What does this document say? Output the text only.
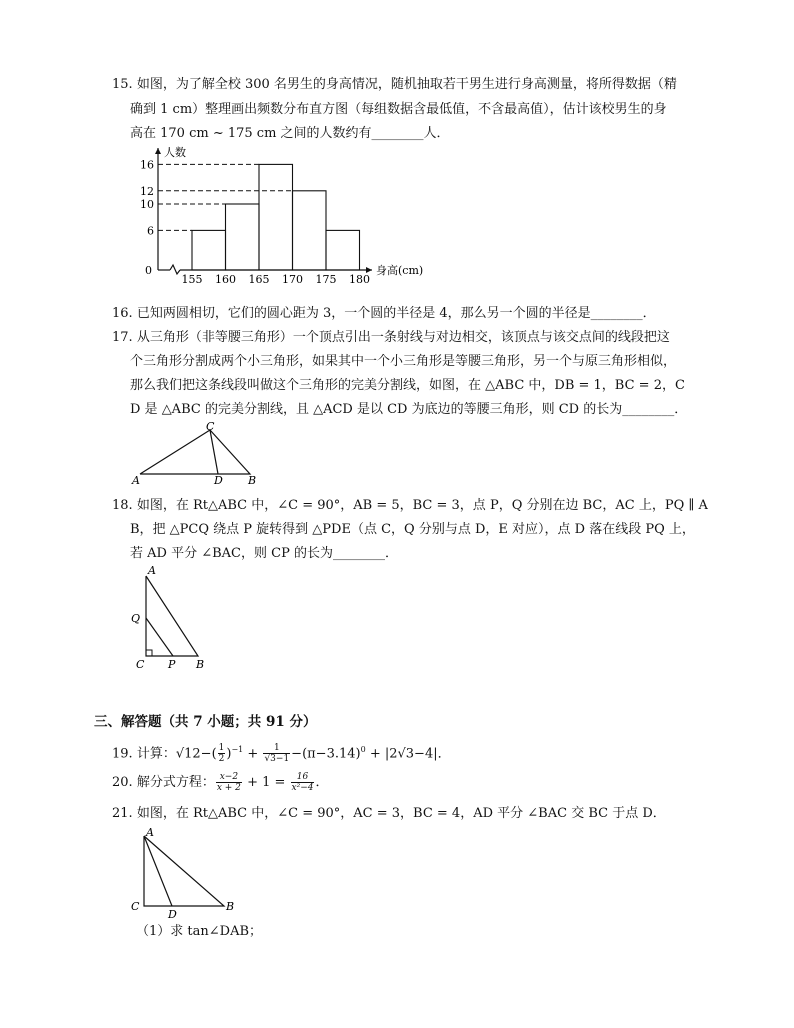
15. 如图，为了解全校 300 名男生的身高情况，随机抽取若干男生进行身高测量，将所得数据（精
确到 1 cm）整理画出频数分布直方图（每组数据含最低值，不含最高值），估计该校男生的身
高在 170 cm ~ 175 cm 之间的人数约有________人．
6
10
12
16
155 160 165 170 175 180
0
人数
身高(cm)
16. 已知两圆相切，它们的圆心距为 3，一个圆的半径是 4，那么另一个圆的半径是________．
17. 从三角形（非等腰三角形）一个顶点引出一条射线与对边相交，该顶点与该交点间的线段把这
个三角形分割成两个小三角形，如果其中一个小三角形是等腰三角形，另一个与原三角形相似，
那么我们把这条线段叫做这个三角形的完美分割线，如图，在 △ABC 中，DB = 1，BC = 2，C
D 是 △ABC 的完美分割线，且 △ACD 是以 CD 为底边的等腰三角形，则 CD 的长为________．
C
A	D B
18. 如图，在 Rt△ABC 中，∠C = 90°，AB = 5，BC = 3，点 P，Q 分别在边 BC，AC 上，PQ ∥ A
B，把 △PCQ 绕点 P 旋转得到 △PDE（点 C，Q 分别与点 D，E 对应），点 D 落在线段 PQ 上，
若 AD 平分 ∠BAC，则 CP 的长为________．
A
Q
C P B
三、解答题（共 7 小题；共 91 分）
19. 计算：$√12-( \frac{1}{2} )^{-1} + \frac{1}{√3-1} -(\pi-3.14)^0 + |2√3-4|$．
20. 解分式方程： $\frac{x-2}{x + 2} + 1 = \frac{16}{\text{x²−4}}$ ．
21. 如图，在 Rt△ABC 中，∠C = 90°，AC = 3，BC = 4，AD 平分 ∠BAC 交 BC 于点 D．
A
C
D
B
（1）求 tan∠DAB；
